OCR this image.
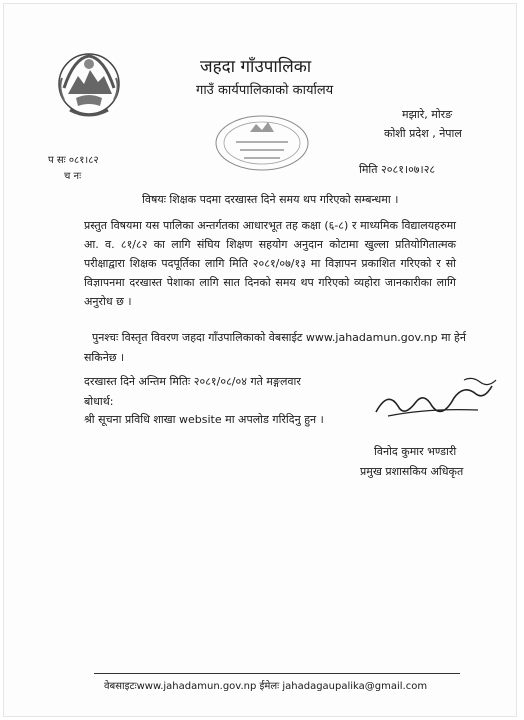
जहदा गाँउपालिका
गाउँ कार्यपालिकाको कार्यालय
मझारे, मोरङ
कोशी प्रदेश , नेपाल
प सः ०८१।८२
च नः
मिति २०८१।०७।२८
विषयः शिक्षक पदमा दरखास्त दिने समय थप गरिएको सम्बन्धमा ।
प्रस्तुत विषयमा यस पालिका अन्तर्गतका आधारभूत तह कक्षा (६-८) र माध्यमिक विद्यालयहरुमा आ. व. ८१/८२ का लागि संघिय शिक्षण सहयोग अनुदान कोटामा खुल्ला प्रतियोगितात्मक परीक्षाद्वारा शिक्षक पदपूर्तिका लागि मिति २०८१/०७/१३ मा विज्ञापन प्रकाशित गरिएको र सो विज्ञापनमा दरखास्त पेशाका लागि सात दिनको समय थप गरिएको व्यहोरा जानकारीका लागि अनुरोध छ ।
पुनश्चः विस्तृत विवरण जहदा गाँउपालिकाको वेबसाईट www.jahadamun.gov.np मा हेर्न
सकिनेछ ।
दरखास्त दिने अन्तिम मितिः २०८१/०८/०४ गते मङ्गलवार
बोधार्थ:
श्री सूचना प्रविधि शाखा website मा अपलोड गरिदिनु हुन ।
विनोद कुमार भण्डारी
प्रमुख प्रशासकिय अधिकृत
वेबसाइटःwww.jahadamun.gov.np ईमेलः jahadagaupalika@gmail.com
